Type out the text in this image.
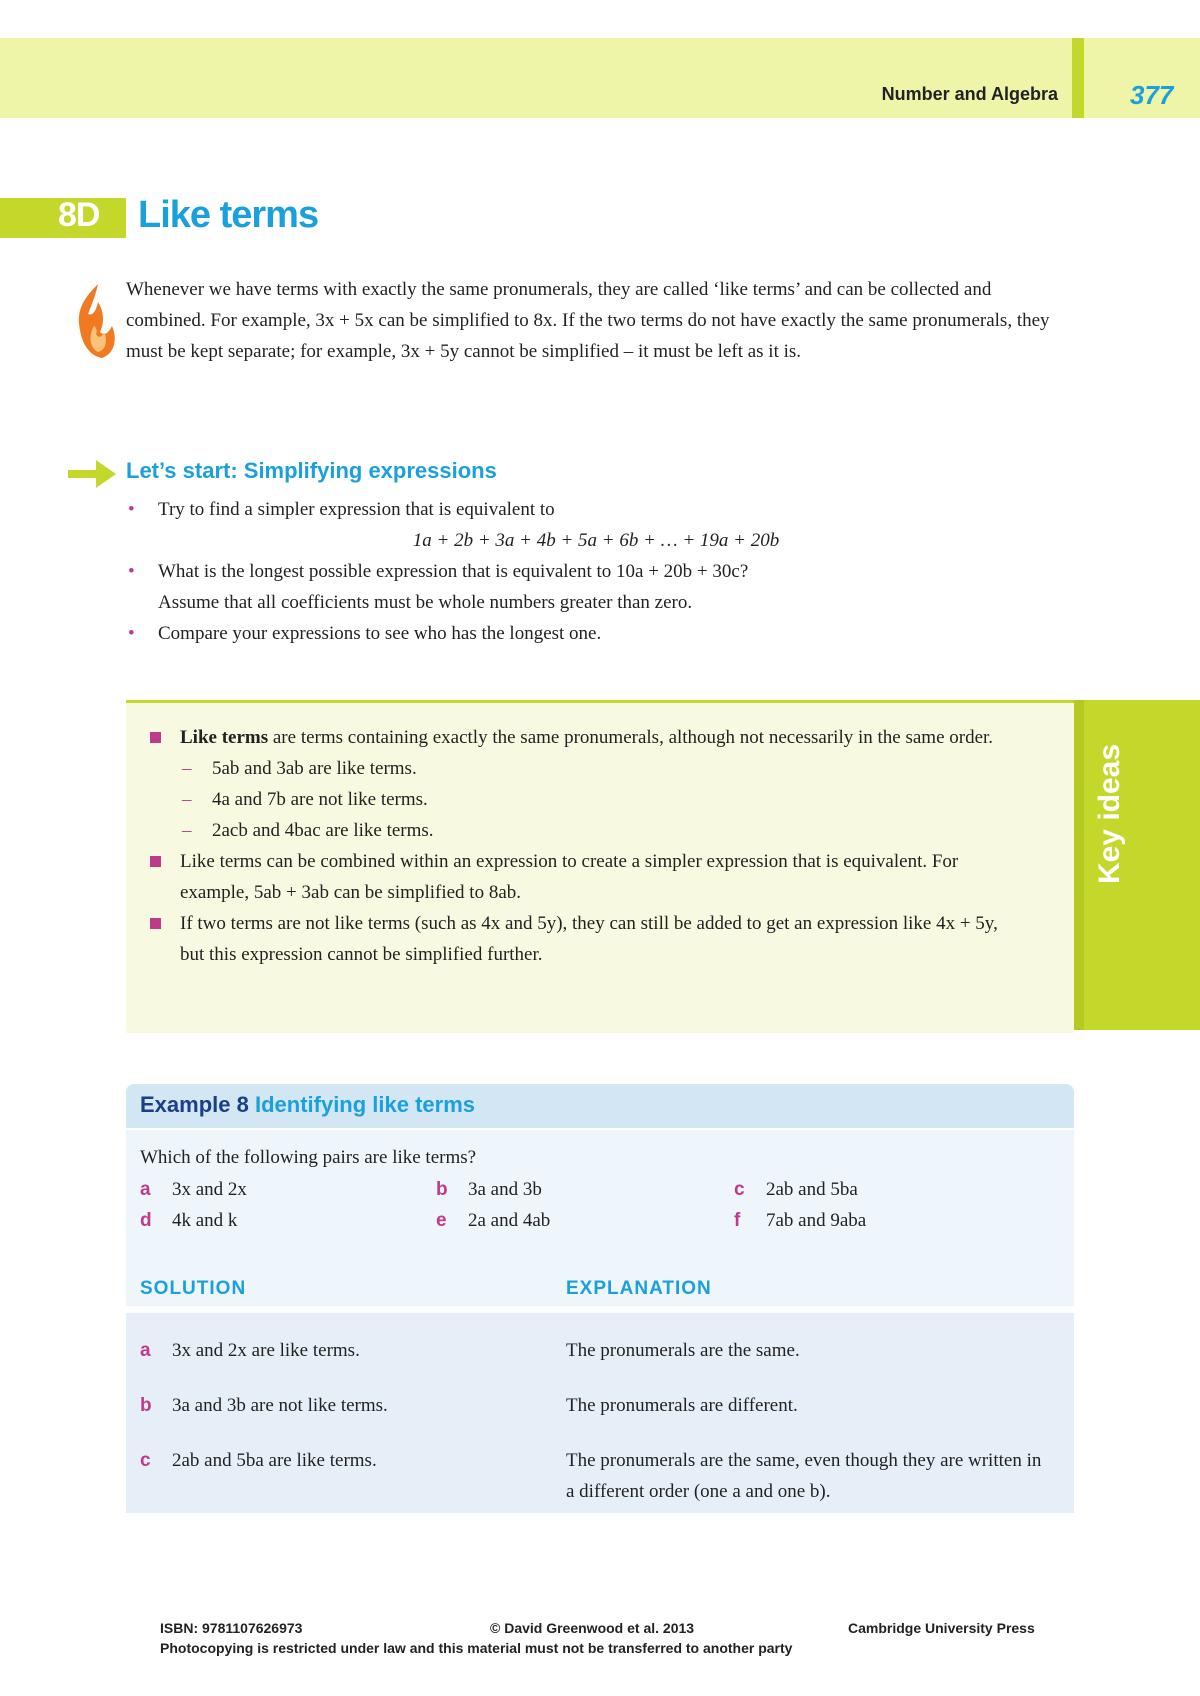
Number and Algebra	377
8D Like terms
Whenever we have terms with exactly the same pronumerals, they are called ‘like terms’ and can be collected and combined. For example, 3x + 5x can be simplified to 8x. If the two terms do not have exactly the same pronumerals, they must be kept separate; for example, 3x + 5y cannot be simplified – it must be left as it is.
Let’s start: Simplifying expressions
• Try to find a simpler expression that is equivalent to
1a + 2b + 3a + 4b + 5a + 6b + … + 19a + 20b
• What is the longest possible expression that is equivalent to 10a + 20b + 30c?
Assume that all coefficients must be whole numbers greater than zero.
• Compare your expressions to see who has the longest one.
Key ideas
Like terms are terms containing exactly the same pronumerals, although not necessarily in the same order.
– 5ab and 3ab are like terms.
– 4a and 7b are not like terms.
– 2acb and 4bac are like terms.
Like terms can be combined within an expression to create a simpler expression that is equivalent. For example, 5ab + 3ab can be simplified to 8ab.
If two terms are not like terms (such as 4x and 5y), they can still be added to get an expression like 4x + 5y, but this expression cannot be simplified further.
Example 8 Identifying like terms
Which of the following pairs are like terms?
a 3x and 2x	b 3a and 3b	c 2ab and 5ba
d 4k and k	e 2a and 4ab	f 7ab and 9aba
SOLUTION	EXPLANATION
a 3x and 2x are like terms.	The pronumerals are the same.
b 3a and 3b are not like terms.	The pronumerals are different.
c 2ab and 5ba are like terms.	The pronumerals are the same, even though they are written in a different order (one a and one b).
ISBN: 9781107626973	© David Greenwood et al. 2013	Cambridge University Press
Photocopying is restricted under law and this material must not be transferred to another party
